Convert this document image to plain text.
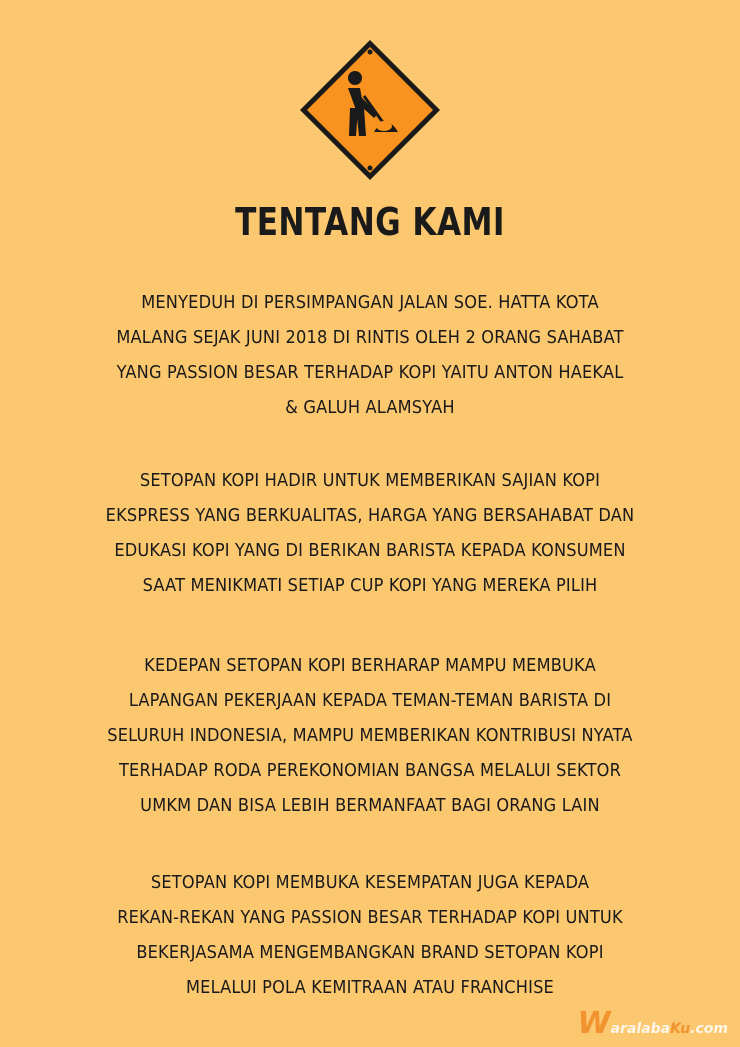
TENTANG KAMI
MENYEDUH DI PERSIMPANGAN JALAN SOE. HATTA KOTA
MALANG SEJAK JUNI 2018 DI RINTIS OLEH 2 ORANG SAHABAT
YANG PASSION BESAR TERHADAP KOPI YAITU ANTON HAEKAL
& GALUH ALAMSYAH
SETOPAN KOPI HADIR UNTUK MEMBERIKAN SAJIAN KOPI
EKSPRESS YANG BERKUALITAS, HARGA YANG BERSAHABAT DAN
EDUKASI KOPI YANG DI BERIKAN BARISTA KEPADA KONSUMEN
SAAT MENIKMATI SETIAP CUP KOPI YANG MEREKA PILIH
KEDEPAN SETOPAN KOPI BERHARAP MAMPU MEMBUKA
LAPANGAN PEKERJAAN KEPADA TEMAN-TEMAN BARISTA DI
SELURUH INDONESIA, MAMPU MEMBERIKAN KONTRIBUSI NYATA
TERHADAP RODA PEREKONOMIAN BANGSA MELALUI SEKTOR
UMKM DAN BISA LEBIH BERMANFAAT BAGI ORANG LAIN
SETOPAN KOPI MEMBUKA KESEMPATAN JUGA KEPADA
REKAN-REKAN YANG PASSION BESAR TERHADAP KOPI UNTUK
BEKERJASAMA MENGEMBANGKAN BRAND SETOPAN KOPI
MELALUI POLA KEMITRAAN ATAU FRANCHISE
WaralabaKu.com
